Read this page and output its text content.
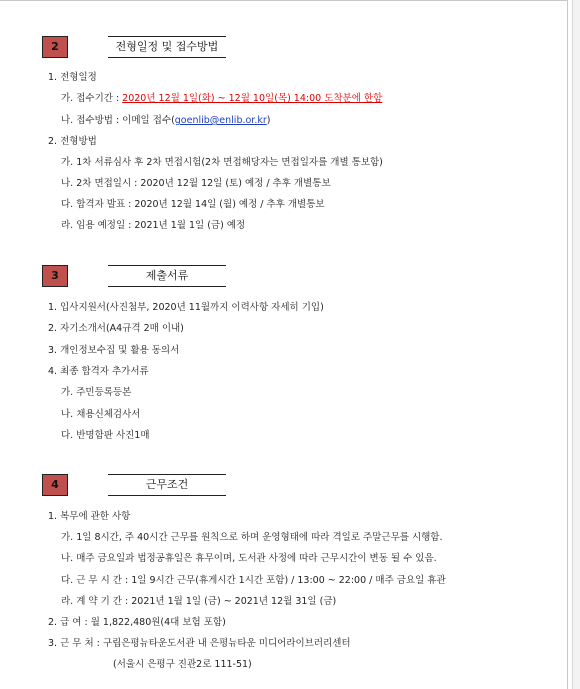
2	전형일정 및 접수방법
1. 전형일정
가. 접수기간 : 2020년 12월 1일(화) ~ 12월 10일(목) 14:00 도착분에 한함
나. 접수방법 : 이메일 접수(goenlib@enlib.or.kr)
2. 전형방법
가. 1차 서류심사 후 2차 면접시험(2차 면접해당자는 면접일자를 개별 통보함)
나. 2차 면접일시 : 2020년 12월 12일 (토) 예정 / 추후 개별통보
다. 합격자 발표 : 2020년 12월 14일 (월) 예정 / 추후 개별통보
라. 임용 예정일 : 2021년 1월 1일 (금) 예정
3	제출서류
1. 입사지원서(사진첨부, 2020년 11월까지 이력사항 자세히 기입)
2. 자기소개서(A4규격 2매 이내)
3. 개인정보수집 및 활용 동의서
4. 최종 합격자 추가서류
가. 주민등록등본
나. 채용신체검사서
다. 반명함판 사진1매
4	근무조건
1. 복무에 관한 사항
가. 1일 8시간, 주 40시간 근무를 원칙으로 하며 운영형태에 따라 격일로 주말근무를 시행함.
나. 매주 금요일과 법정공휴일은 휴무이며, 도서관 사정에 따라 근무시간이 변동 될 수 있음.
다. 근 무 시 간 : 1일 9시간 근무(휴게시간 1시간 포함) / 13:00 ~ 22:00 / 매주 금요일 휴관
라. 계 약 기 간 : 2021년 1월 1일 (금) ~ 2021년 12월 31일 (금)
2. 급 여 : 월 1,822,480원(4대 보험 포함)
3. 근 무 처 : 구립은평뉴타운도서관 내 은평뉴타운 미디어라이브러리센터
(서울시 은평구 진관2로 111-51)
